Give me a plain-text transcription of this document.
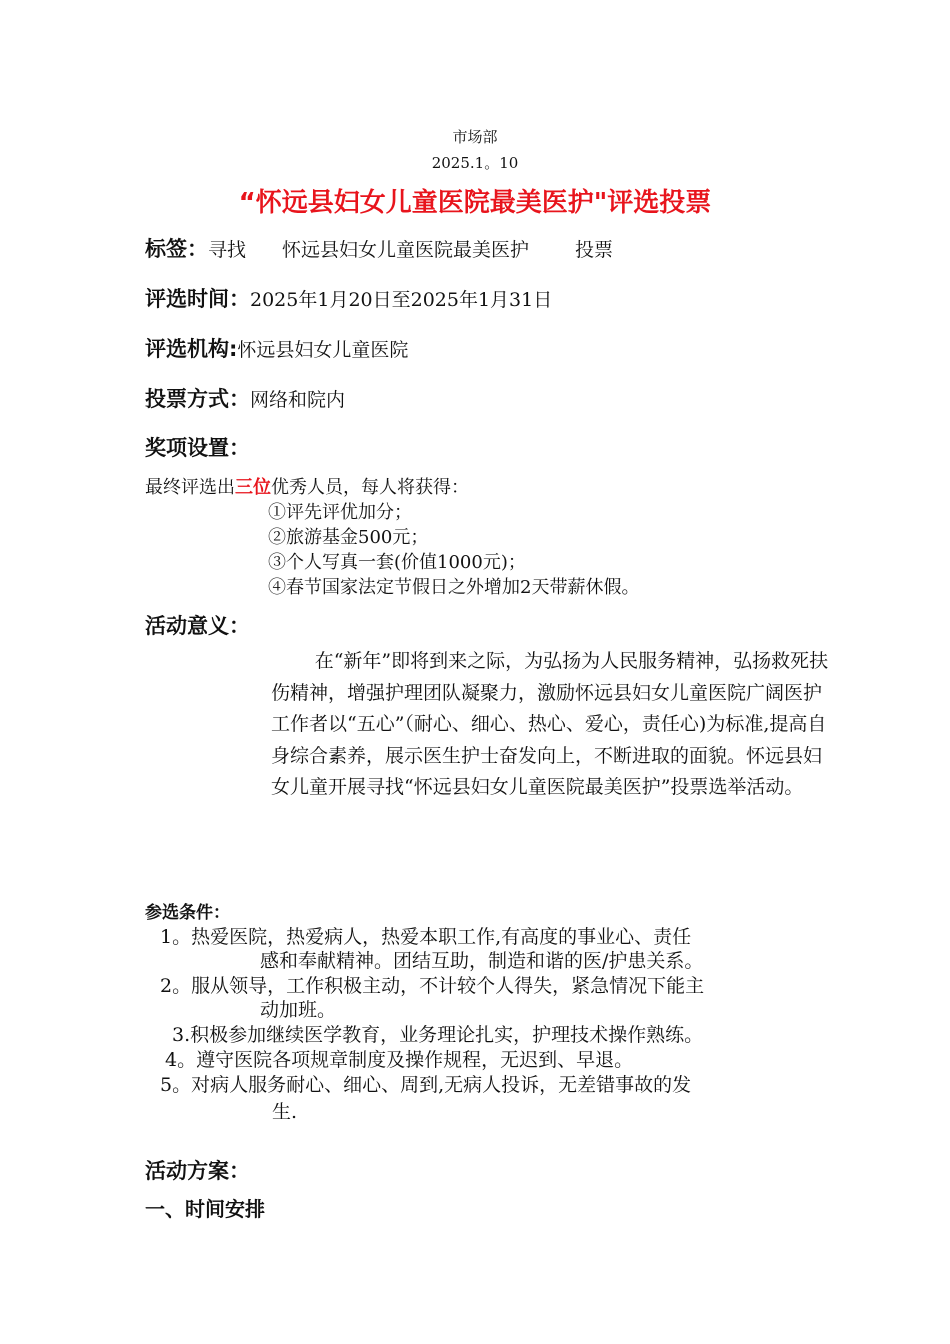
市场部
2025.1。10
“怀远县妇女儿童医院最美医护"评选投票
标签：寻找 怀远县妇女儿童医院最美医护 投票
评选时间：2025年1月20日至2025年1月31日
评选机构:怀远县妇女儿童医院
投票方式：网络和院内
奖项设置：
最终评选出三位优秀人员，每人将获得：
①评先评优加分；
②旅游基金500元；
③个人写真一套(价值1000元)；
④春节国家法定节假日之外增加2天带薪休假。
活动意义：
在“新年”即将到来之际，为弘扬为人民服务精神，弘扬救死扶伤精神，增强护理团队凝聚力，激励怀远县妇女儿童医院广阔医护工作者以“五心”（耐心、细心、热心、爱心，责任心)为标准,提高自身综合素养，展示医生护士奋发向上，不断进取的面貌。怀远县妇女儿童开展寻找“怀远县妇女儿童医院最美医护”投票选举活动。
参选条件：
1。热爱医院，热爱病人，热爱本职工作,有高度的事业心、责任
感和奉献精神。团结互助，制造和谐的医/护患关系。
2。服从领导，工作积极主动，不计较个人得失，紧急情况下能主
动加班。
3.积极参加继续医学教育，业务理论扎实，护理技术操作熟练。
4。遵守医院各项规章制度及操作规程，无迟到、早退。
5。对病人服务耐心、细心、周到,无病人投诉，无差错事故的发
生.
活动方案：
一、时间安排
